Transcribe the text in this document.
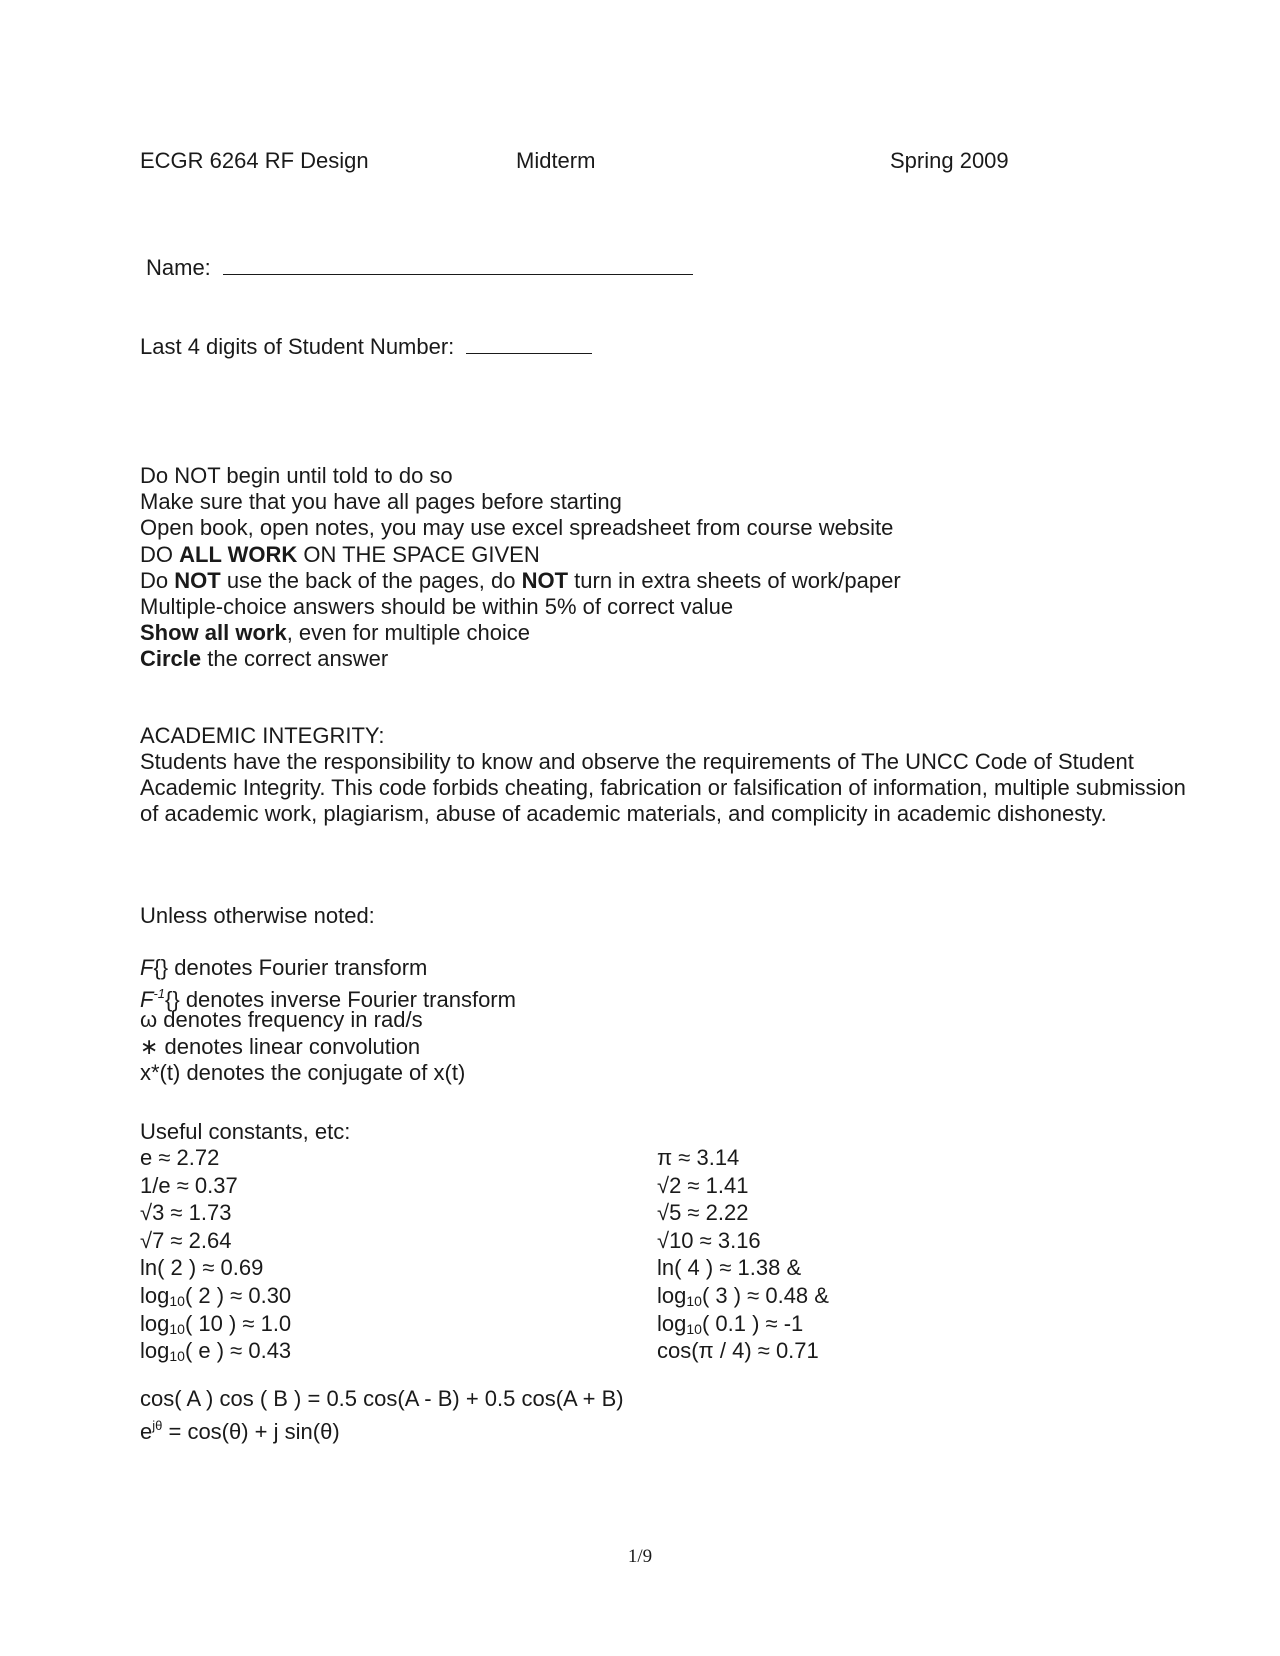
ECGR 6264 RF Design	Midterm	Spring 2009
Name:
Last 4 digits of Student Number:
Do NOT begin until told to do so
Make sure that you have all pages before starting
Open book, open notes, you may use excel spreadsheet from course website
DO ALL WORK ON THE SPACE GIVEN
Do NOT use the back of the pages, do NOT turn in extra sheets of work/paper
Multiple-choice answers should be within 5% of correct value
Show all work, even for multiple choice
Circle the correct answer
ACADEMIC INTEGRITY:
Students have the responsibility to know and observe the requirements of The UNCC Code of Student Academic Integrity. This code forbids cheating, fabrication or falsification of information, multiple submission of academic work, plagiarism, abuse of academic materials, and complicity in academic dishonesty.
Unless otherwise noted:
F{} denotes Fourier transform
$F^{-1}\{\}$ denotes inverse Fourier transform
ω denotes frequency in rad/s
∗ denotes linear convolution
x*(t) denotes the conjugate of x(t)
Useful constants, etc:
e ≈ 2.72
1/e ≈ 0.37
√3 ≈ 1.73
√7 ≈ 2.64
ln( 2 ) ≈ 0.69
$\log_{10}$( 2 ) ≈ 0.30
$\log_{10}$( 10 ) ≈ 1.0
$\log_{10}$( e ) ≈ 0.43
π ≈ 3.14
√2 ≈ 1.41
√5 ≈ 2.22
√10 ≈ 3.16
ln( 4 ) ≈ 1.38 &
$\log_{10}$( 3 ) ≈ 0.48 &
$\log_{10}$( 0.1 ) ≈ -1
cos(π / 4) ≈ 0.71
cos( A ) cos ( B ) = 0.5 cos(A - B) + 0.5 cos(A + B)
$e^{j\theta} = \cos(\theta) + j$ sin(θ)
1/9
